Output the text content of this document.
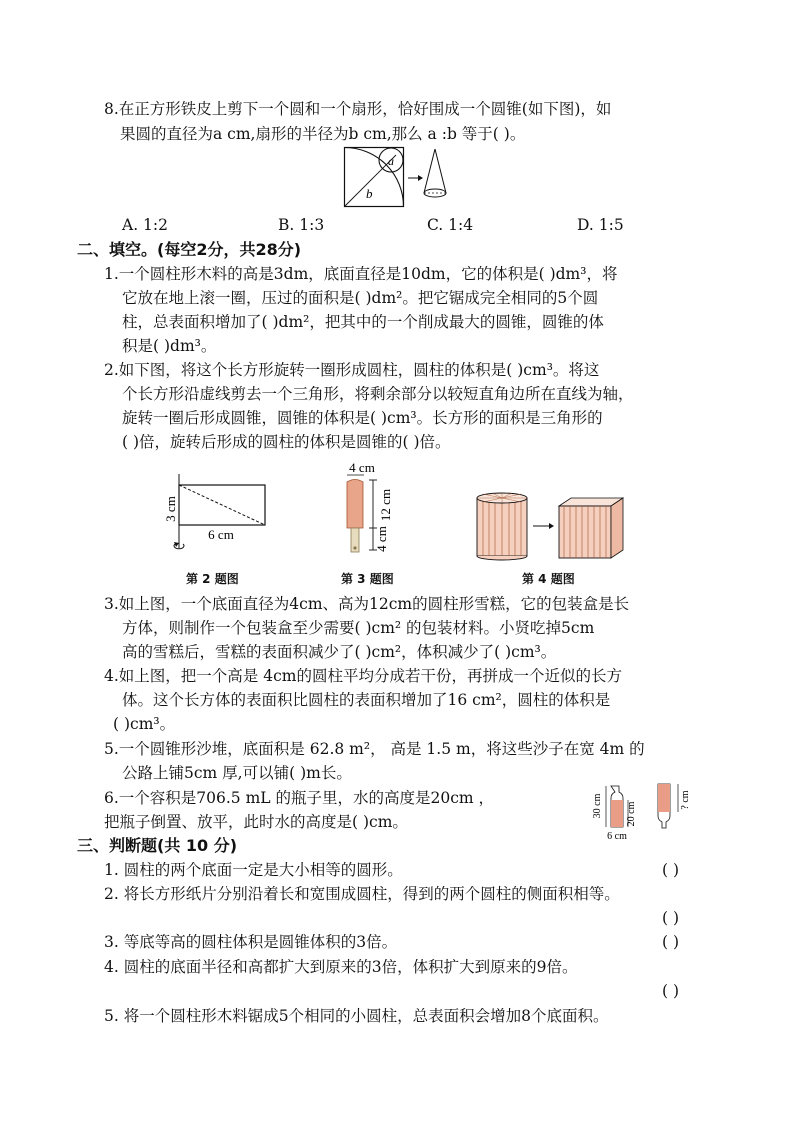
8.在正方形铁皮上剪下一个圆和一个扇形，恰好围成一个圆锥(如下图)，如
果圆的直径为a cm,扇形的半径为b cm,那么 a :b 等于( )。
a
b
A. 1:2	B. 1:3	C. 1:4	D. 1:5
二、填空。(每空2分，共28分)
1.一个圆柱形木料的高是3dm，底面直径是10dm，它的体积是( )dm³，将
它放在地上滚一圈，压过的面积是( )dm²。把它锯成完全相同的5个圆
柱，总表面积增加了( )dm²，把其中的一个削成最大的圆锥，圆锥的体
积是( )dm³。
2.如下图，将这个长方形旋转一圈形成圆柱，圆柱的体积是( )cm³。将这
个长方形沿虚线剪去一个三角形，将剩余部分以较短直角边所在直线为轴，
旋转一圈后形成圆锥，圆锥的体积是( )cm³。长方形的面积是三角形的
( )倍，旋转后形成的圆柱的体积是圆锥的( )倍。
3 cm
6 cm
4 cm
12 cm
4 cm
第 2 题图	第 3 题图	第 4 题图
3.如上图，一个底面直径为4cm、高为12cm的圆柱形雪糕，它的包装盒是长
方体，则制作一个包装盒至少需要( )cm² 的包装材料。小贤吃掉5cm
高的雪糕后，雪糕的表面积减少了( )cm²，体积减少了( )cm³。
4.如上图，把一个高是 4cm的圆柱平均分成若干份，再拼成一个近似的长方
体。这个长方体的表面积比圆柱的表面积增加了16 cm²，圆柱的体积是
( )cm³。
5.一个圆锥形沙堆，底面积是 62.8 m²， 高是 1.5 m，将这些沙子在宽 4m 的
公路上铺5cm 厚,可以铺( )m长。
6.一个容积是706.5 mL 的瓶子里，水的高度是20cm ，
把瓶子倒置、放平，此时水的高度是( )cm。
30 cm 20 cm
6 cm
? cm
三、判断题(共 10 分)
1. 圆柱的两个底面一定是大小相等的圆形。	( )
2. 将长方形纸片分别沿着长和宽围成圆柱，得到的两个圆柱的侧面积相等。
( )
3. 等底等高的圆柱体积是圆锥体积的3倍。	( )
4. 圆柱的底面半径和高都扩大到原来的3倍，体积扩大到原来的9倍。
( )
5. 将一个圆柱形木料锯成5个相同的小圆柱，总表面积会增加8个底面积。
